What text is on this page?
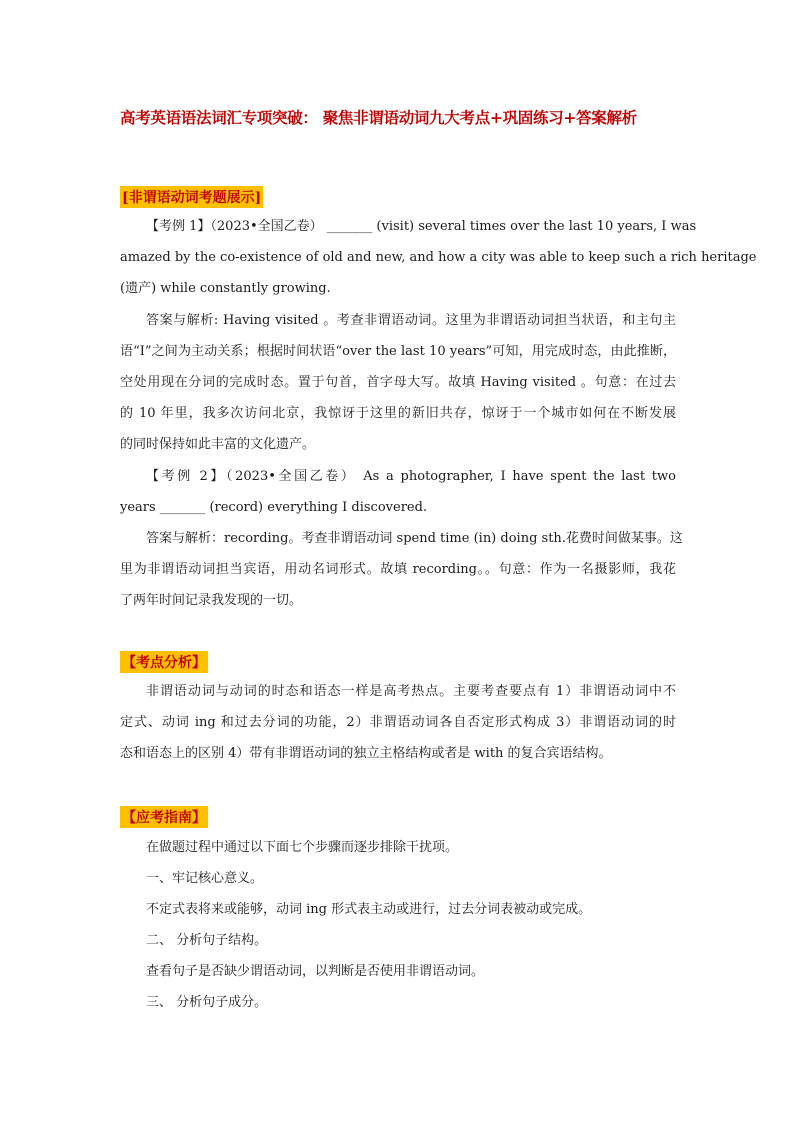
高考英语语法词汇专项突破： 聚焦非谓语动词九大考点+巩固练习+答案解析
[非谓语动词考题展示]
【考例 1】（2023•全国乙卷） _______ (visit) several times over the last 10 years, I was
amazed by the co-existence of old and new, and how a city was able to keep such a rich heritage
(遗产) while constantly growing.
答案与解析: Having visited 。考查非谓语动词。这里为非谓语动词担当状语，和主句主
语“I”之间为主动关系；根据时间状语“over the last 10 years”可知，用完成时态，由此推断，
空处用现在分词的完成时态。置于句首，首字母大写。故填 Having visited 。句意：在过去
的 10 年里，我多次访问北京，我惊讶于这里的新旧共存，惊讶于一个城市如何在不断发展
的同时保持如此丰富的文化遗产。
【考例 2】（2023•全国乙卷） As a photographer, I have spent the last two
years _______ (record) everything I discovered.
答案与解析：recording。考查非谓语动词 spend time (in) doing sth.花费时间做某事。这
里为非谓语动词担当宾语，用动名词形式。故填 recording。。句意：作为一名摄影师，我花
了两年时间记录我发现的一切。
【考点分析】
非谓语动词与动词的时态和语态一样是高考热点。主要考查要点有 1）非谓语动词中不
定式、动词 ing 和过去分词的功能，2）非谓语动词各自否定形式构成 3）非谓语动词的时
态和语态上的区别 4）带有非谓语动词的独立主格结构或者是 with 的复合宾语结构。
【应考指南】
在做题过程中通过以下面七个步骤而逐步排除干扰项。
一、牢记核心意义。
不定式表将来或能够，动词 ing 形式表主动或进行，过去分词表被动或完成。
二、 分析句子结构。
查看句子是否缺少谓语动词，以判断是否使用非谓语动词。
三、 分析句子成分。
